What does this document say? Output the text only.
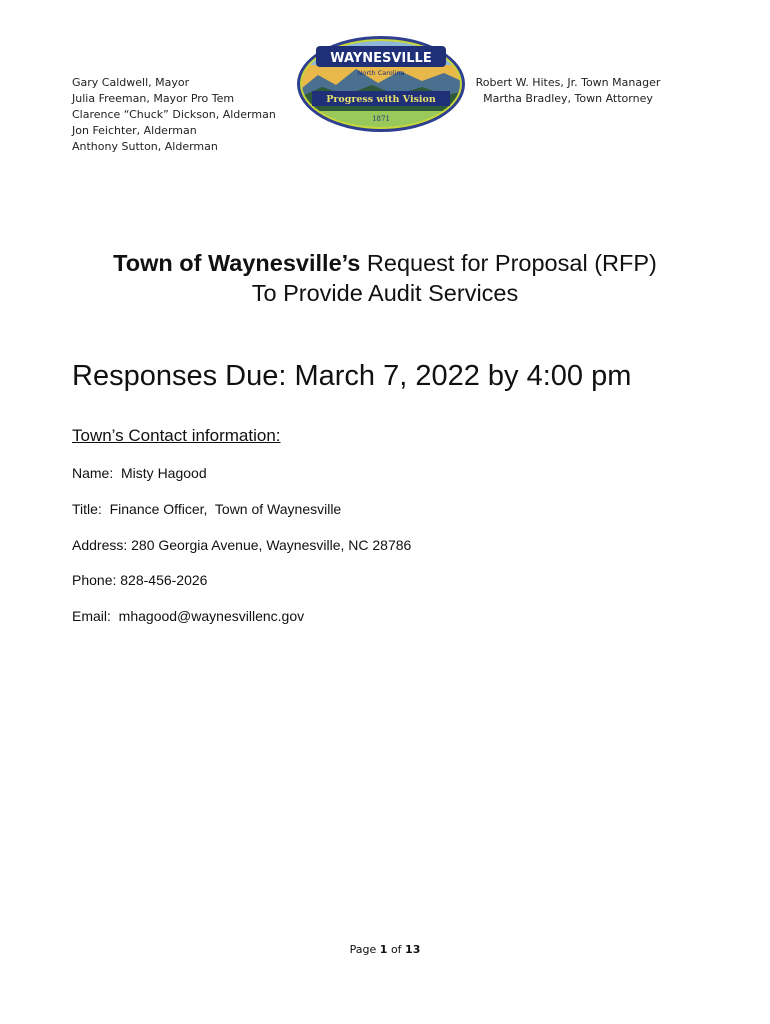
Gary Caldwell, Mayor
Julia Freeman, Mayor Pro Tem
Clarence “Chuck” Dickson, Alderman
Jon Feichter, Alderman
Anthony Sutton, Alderman
WAYNESVILLE
North Carolina
Progress with Vision
1871
Robert W. Hites, Jr. Town Manager
Martha Bradley, Town Attorney
Town of Waynesville’s Request for Proposal (RFP)
To Provide Audit Services
Responses Due: March 7, 2022 by 4:00 pm
Town’s Contact information:
Name:  Misty Hagood
Title:  Finance Officer,  Town of Waynesville
Address: 280 Georgia Avenue, Waynesville, NC 28786
Phone: 828-456-2026
Email:  mhagood@waynesvillenc.gov
Page 1 of 13
